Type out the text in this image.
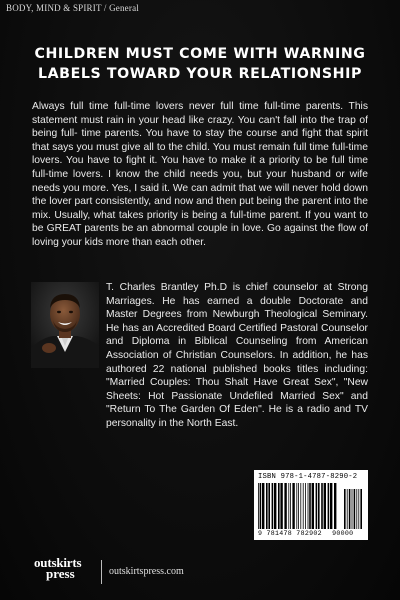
BODY, MIND & SPIRIT / General
CHILDREN MUST COME WITH WARNING
LABELS TOWARD YOUR RELATIONSHIP
Always full time full-time lovers never full time full-time parents. This statement must rain in your head like crazy. You can't fall into the trap of being full- time parents. You have to stay the course and fight that spirit that says you must give all to the child. You must remain full time full-time lovers. You have to fight it. You have to make it a priority to be full time full-time lovers. I know the child needs you, but your husband or wife needs you more. Yes, I said it. We can admit that we will never hold down the lover part consistently, and now and then put being the parent into the mix. Usually, what takes priority is being a full-time parent. If you want to be GREAT parents be an abnormal couple in love. Go against the flow of loving your kids more than each other.
T. Charles Brantley Ph.D is chief counselor at Strong Marriages. He has earned a double Doctorate and Master Degrees from Newburgh Theological Seminary. He has an Accredited Board Certified Pastoral Counselor and Diploma in Biblical Counseling from American Association of Christian Counselors. In addition, he has authored 22 national published books titles including: "Married Couples: Thou Shalt Have Great Sex", "New Sheets: Hot Passionate Undefiled Married Sex" and "Return To The Garden Of Eden". He is a radio and TV personality in the North East.
ISBN 978-1-4787-8290-2
9 781478 782902 90000
outskirts
press	outskirtspress.com
